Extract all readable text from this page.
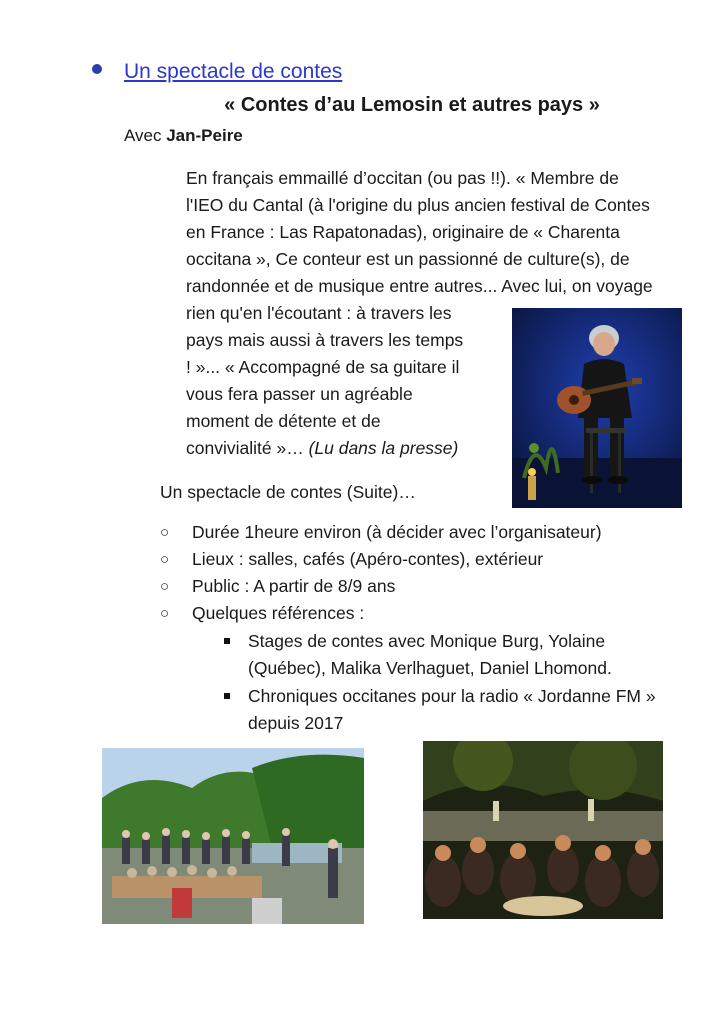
Un spectacle de contes
« Contes d’au Lemosin et autres pays »
Avec Jan-Peire
En français emmaillé d’occitan (ou pas !!). « Membre de
l'IEO du Cantal (à l'origine du plus ancien festival de Contes
en France : Las Rapatonadas), originaire de « Charenta
occitana », Ce conteur est un passionné de culture(s), de
randonnée et de musique entre autres... Avec lui, on voyage
rien qu'en l'écoutant : à travers les
pays mais aussi à travers les temps
! »... « Accompagné de sa guitare il
vous fera passer un agréable
moment de détente et de
convivialité »… (Lu dans la presse)
Un spectacle de contes (Suite)…
○ Durée 1heure environ (à décider avec l’organisateur)
○ Lieux : salles, cafés (Apéro-contes), extérieur
○ Public : A partir de 8/9 ans
○ Quelques références :
Stages de contes avec Monique Burg, Yolaine
(Québec), Malika Verlhaguet, Daniel Lhomond.
Chroniques occitanes pour la radio « Jordanne FM »
depuis 2017
